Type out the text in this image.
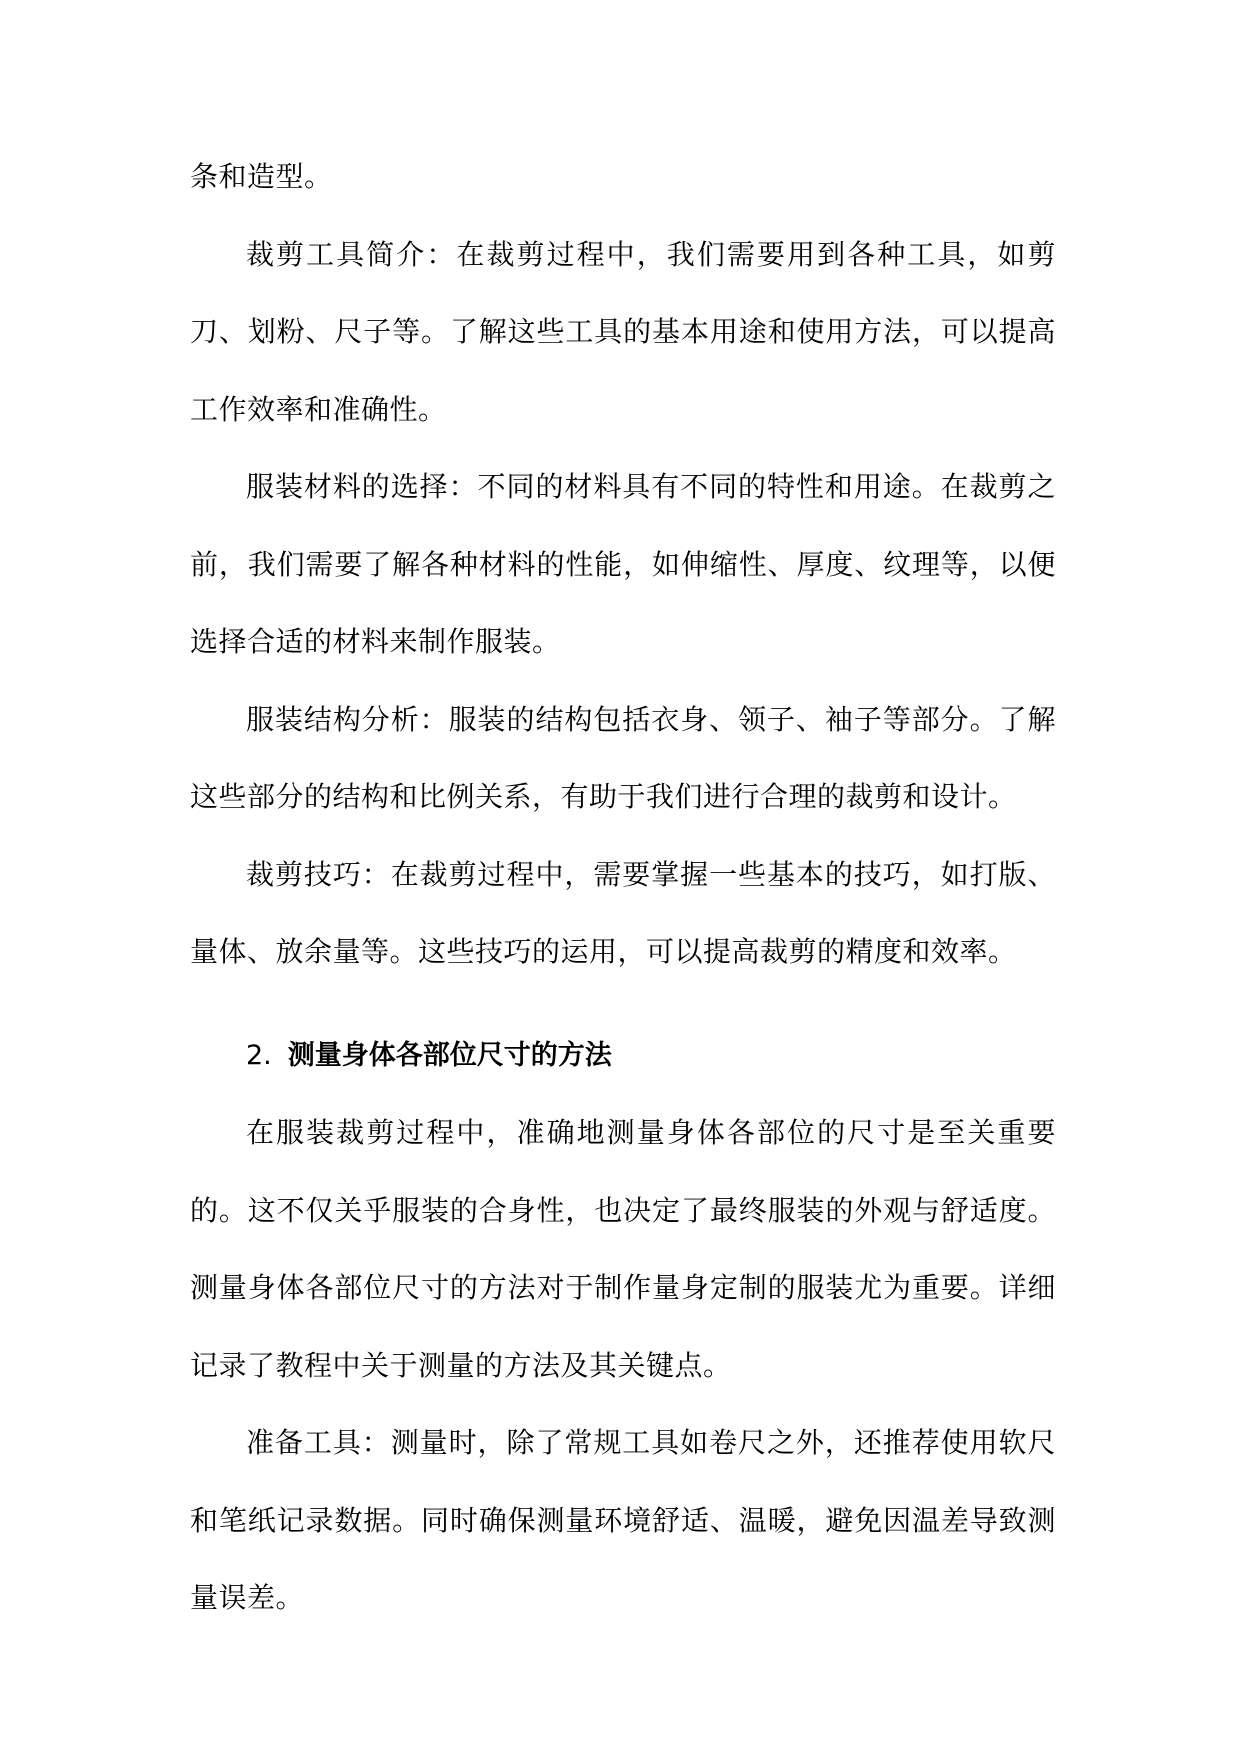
条和造型。

裁剪工具简介：在裁剪过程中，我们需要用到各种工具，如剪刀、划粉、尺子等。了解这些工具的基本用途和使用方法，可以提高工作效率和准确性。

服装材料的选择：不同的材料具有不同的特性和用途。在裁剪之前，我们需要了解各种材料的性能，如伸缩性、厚度、纹理等，以便选择合适的材料来制作服装。

服装结构分析：服装的结构包括衣身、领子、袖子等部分。了解这些部分的结构和比例关系，有助于我们进行合理的裁剪和设计。

裁剪技巧：在裁剪过程中，需要掌握一些基本的技巧，如打版、量体、放余量等。这些技巧的运用，可以提高裁剪的精度和效率。

2. 测量身体各部位尺寸的方法

在服装裁剪过程中，准确地测量身体各部位的尺寸是至关重要的。这不仅关乎服装的合身性，也决定了最终服装的外观与舒适度。测量身体各部位尺寸的方法对于制作量身定制的服装尤为重要。详细记录了教程中关于测量的方法及其关键点。

准备工具：测量时，除了常规工具如卷尺之外，还推荐使用软尺和笔纸记录数据。同时确保测量环境舒适、温暖，避免因温差导致测量误差。
